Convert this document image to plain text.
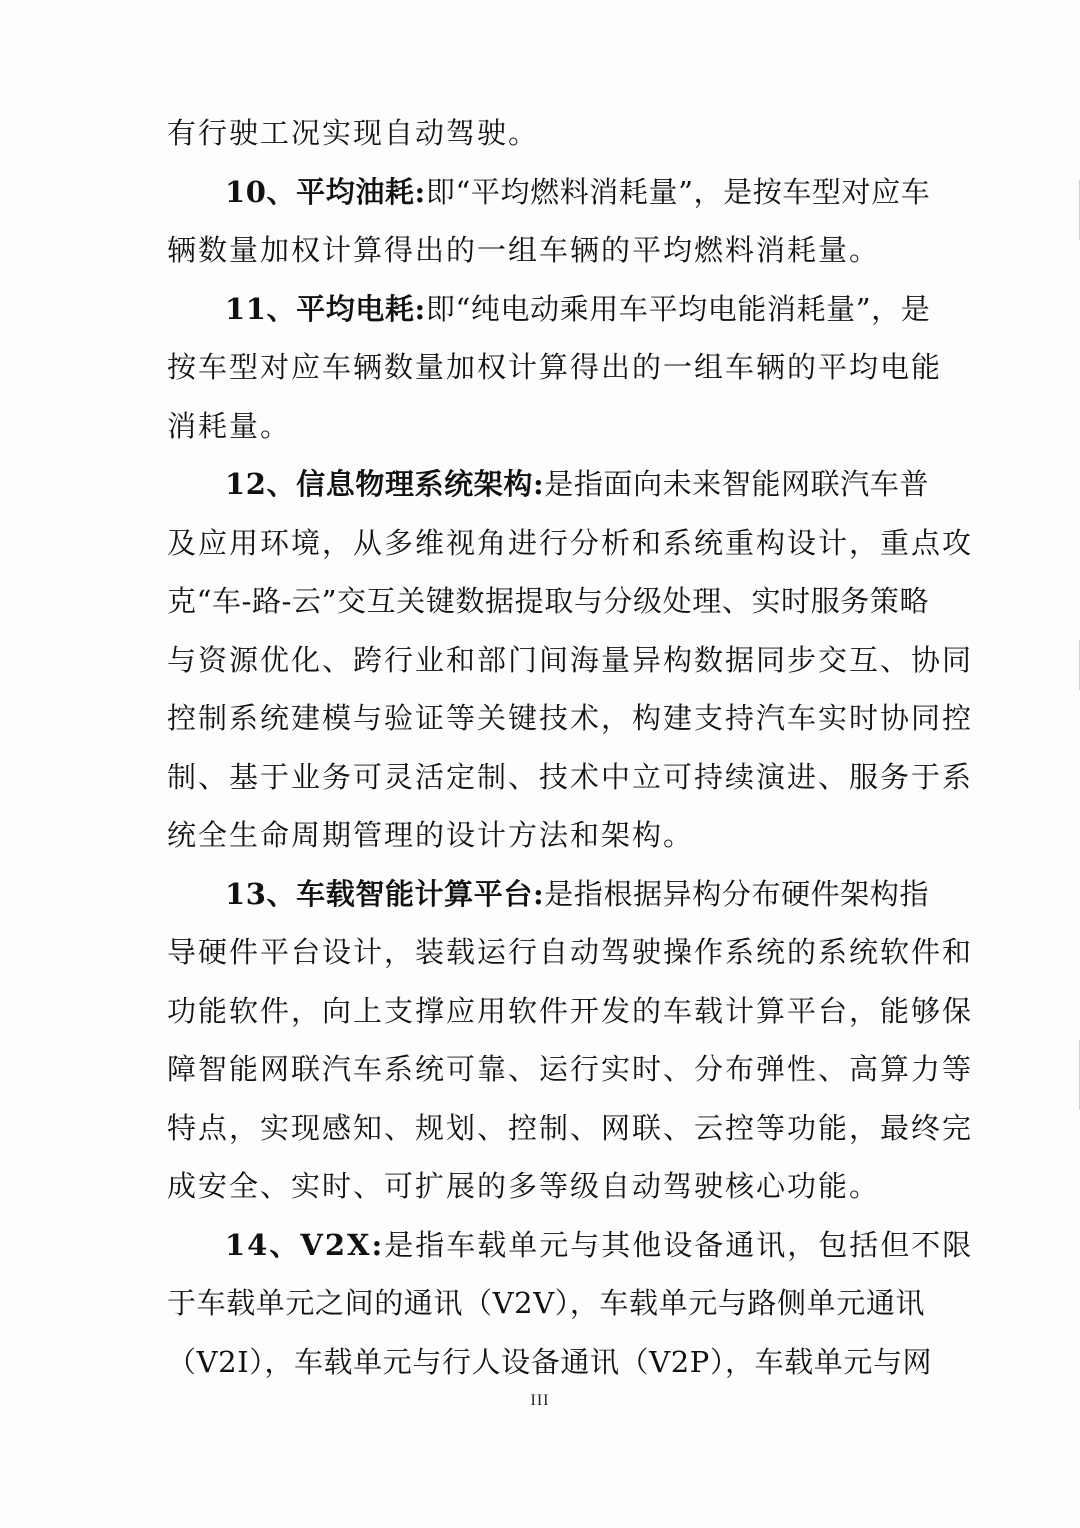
有行驶工况实现自动驾驶。
10、平均油耗:即“平均燃料消耗量”，是按车型对应车
辆数量加权计算得出的一组车辆的平均燃料消耗量。
11、平均电耗:即“纯电动乘用车平均电能消耗量”，是
按车型对应车辆数量加权计算得出的一组车辆的平均电能
消耗量。
12、信息物理系统架构:是指面向未来智能网联汽车普
及应用环境，从多维视角进行分析和系统重构设计，重点攻
克“车-路-云”交互关键数据提取与分级处理、实时服务策略
与资源优化、跨行业和部门间海量异构数据同步交互、协同
控制系统建模与验证等关键技术，构建支持汽车实时协同控
制、基于业务可灵活定制、技术中立可持续演进、服务于系
统全生命周期管理的设计方法和架构。
13、车载智能计算平台:是指根据异构分布硬件架构指
导硬件平台设计，装载运行自动驾驶操作系统的系统软件和
功能软件，向上支撑应用软件开发的车载计算平台，能够保
障智能网联汽车系统可靠、运行实时、分布弹性、高算力等
特点，实现感知、规划、控制、网联、云控等功能，最终完
成安全、实时、可扩展的多等级自动驾驶核心功能。
14、V2X:是指车载单元与其他设备通讯，包括但不限
于车载单元之间的通讯（V2V），车载单元与路侧单元通讯
（V2I），车载单元与行人设备通讯（V2P），车载单元与网
III
